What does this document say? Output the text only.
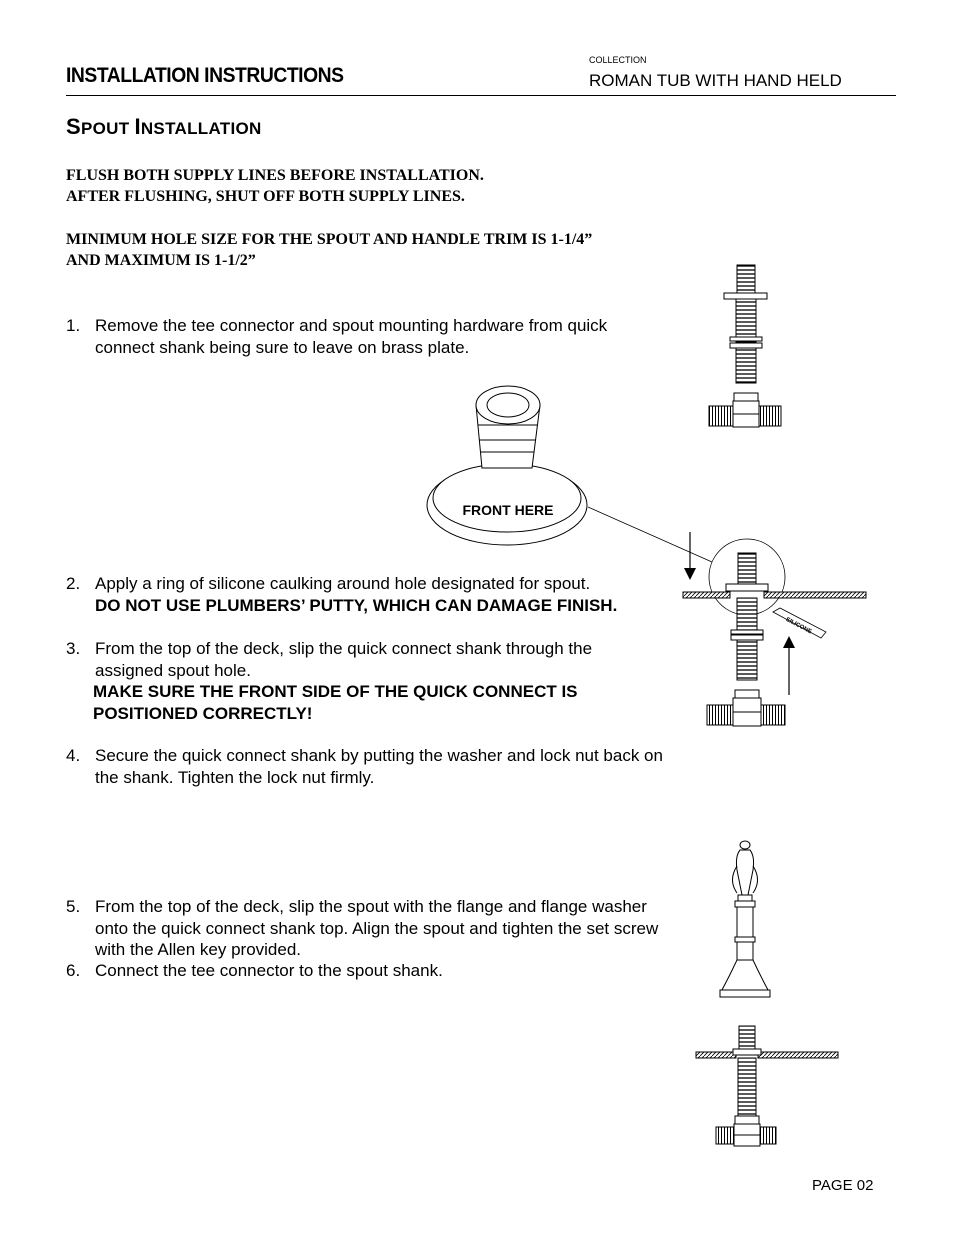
INSTALLATION INSTRUCTIONS
COLLECTION
ROMAN TUB WITH HAND HELD
SPOUT INSTALLATION
FLUSH BOTH SUPPLY LINES BEFORE INSTALLATION.
AFTER FLUSHING, SHUT OFF BOTH SUPPLY LINES.
MINIMUM HOLE SIZE FOR THE SPOUT AND HANDLE TRIM IS 1-1/4”
AND MAXIMUM IS 1-1/2”
1. Remove the tee connector and spout mounting hardware from quick connect shank being sure to leave on brass plate.
2. Apply a ring of silicone caulking around hole designated for spout.
DO NOT USE PLUMBERS’ PUTTY, WHICH CAN DAMAGE FINISH.
3. From the top of the deck, slip the quick connect shank through the assigned spout hole.
MAKE SURE THE FRONT SIDE OF THE QUICK CONNECT IS POSITIONED CORRECTLY!
4. Secure the quick connect shank by putting the washer and lock nut back on the shank. Tighten the lock nut firmly.
5. From the top of the deck, slip the spout with the flange and flange washer onto the quick connect shank top. Align the spout and tighten the set screw with the Allen key provided.
6. Connect the tee connector to the spout shank.
FRONT HERE
SILICONE
PAGE 02
